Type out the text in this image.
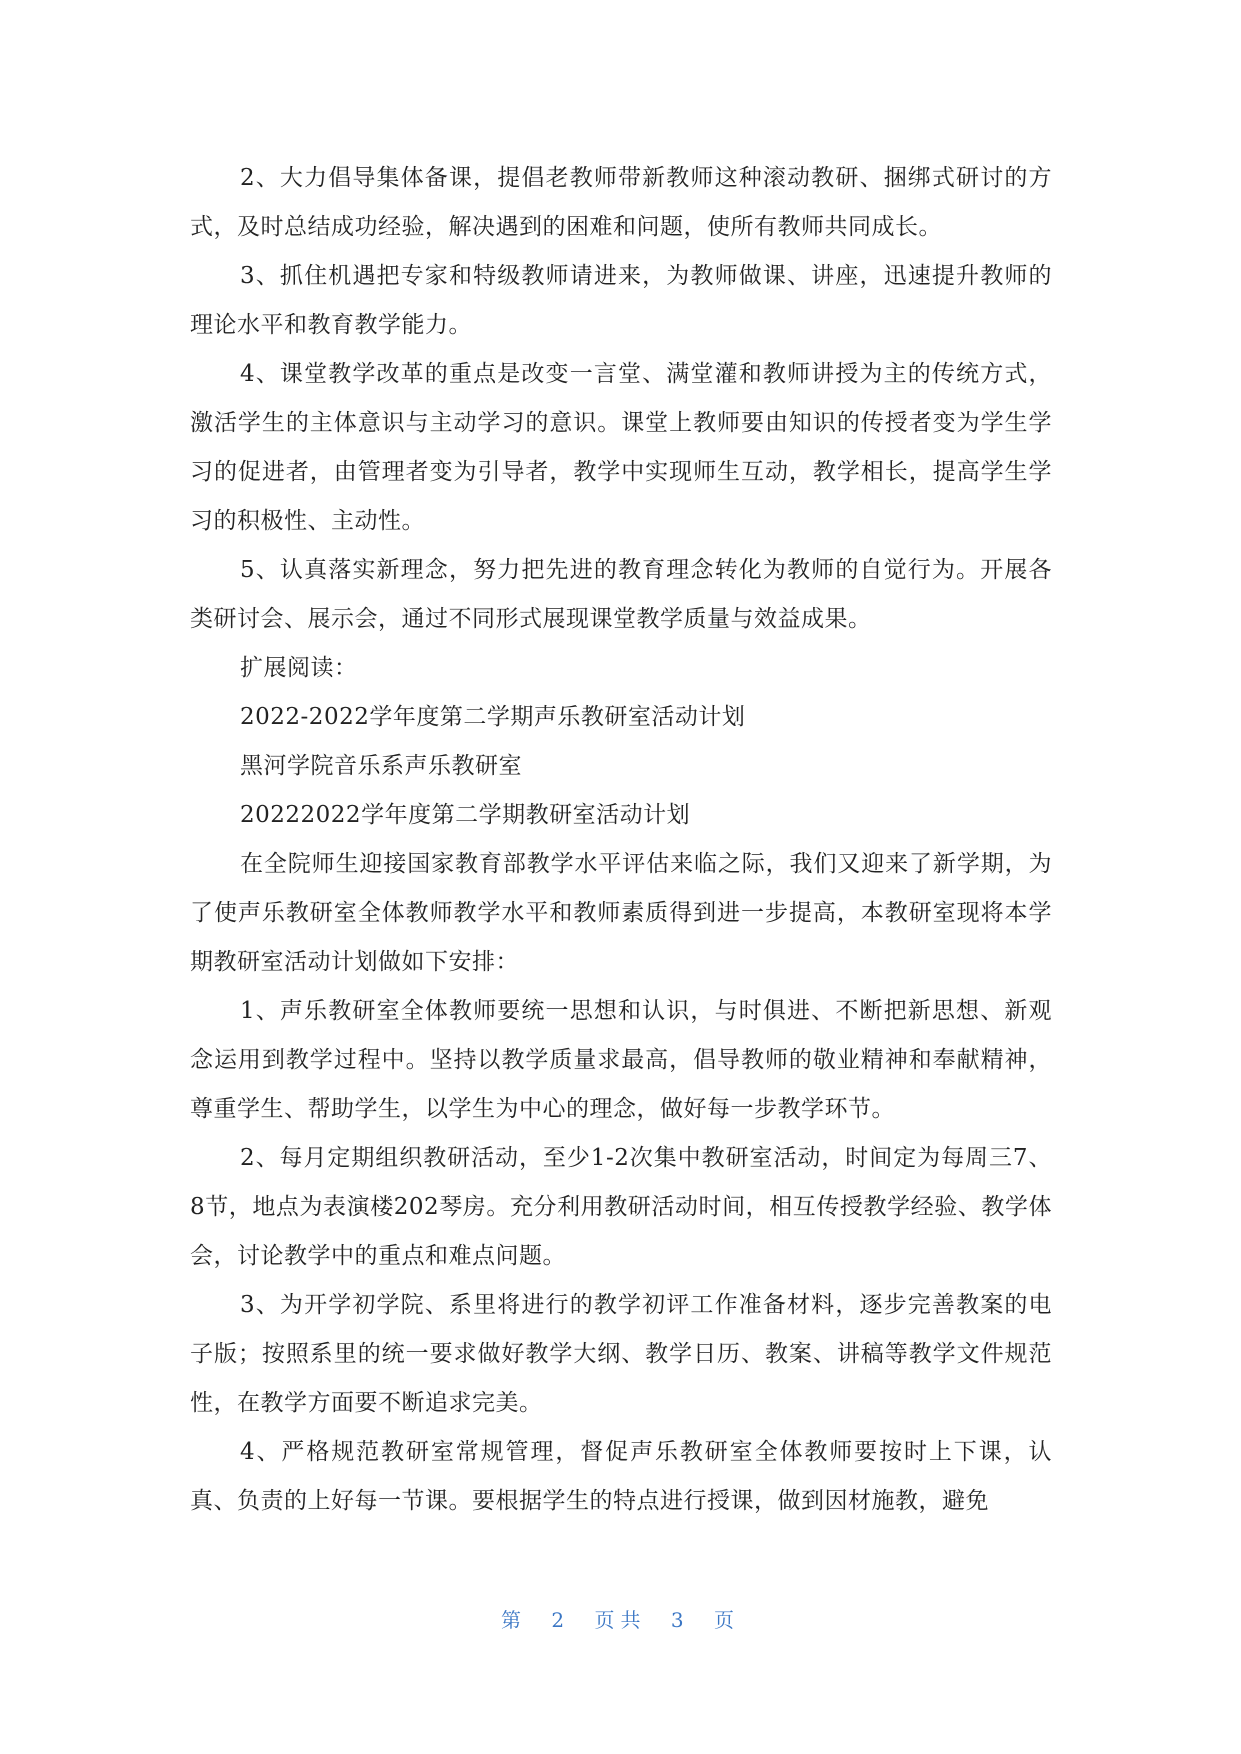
2、大力倡导集体备课，提倡老教师带新教师这种滚动教研、捆绑式研讨的方式，及时总结成功经验，解决遇到的困难和问题，使所有教师共同成长。

3、抓住机遇把专家和特级教师请进来，为教师做课、讲座，迅速提升教师的理论水平和教育教学能力。

4、课堂教学改革的重点是改变一言堂、满堂灌和教师讲授为主的传统方式，激活学生的主体意识与主动学习的意识。课堂上教师要由知识的传授者变为学生学习的促进者，由管理者变为引导者，教学中实现师生互动，教学相长，提高学生学习的积极性、主动性。

5、认真落实新理念，努力把先进的教育理念转化为教师的自觉行为。开展各类研讨会、展示会，通过不同形式展现课堂教学质量与效益成果。

扩展阅读：

2022-2022学年度第二学期声乐教研室活动计划

黑河学院音乐系声乐教研室

20222022学年度第二学期教研室活动计划

在全院师生迎接国家教育部教学水平评估来临之际，我们又迎来了新学期，为了使声乐教研室全体教师教学水平和教师素质得到进一步提高，本教研室现将本学期教研室活动计划做如下安排：

1、声乐教研室全体教师要统一思想和认识，与时俱进、不断把新思想、新观念运用到教学过程中。坚持以教学质量求最高，倡导教师的敬业精神和奉献精神，尊重学生、帮助学生，以学生为中心的理念，做好每一步教学环节。

2、每月定期组织教研活动，至少1-2次集中教研室活动，时间定为每周三7、8节，地点为表演楼202琴房。充分利用教研活动时间，相互传授教学经验、教学体会，讨论教学中的重点和难点问题。

3、为开学初学院、系里将进行的教学初评工作准备材料，逐步完善教案的电子版；按照系里的统一要求做好教学大纲、教学日历、教案、讲稿等教学文件规范性，在教学方面要不断追求完美。

4、严格规范教研室常规管理，督促声乐教研室全体教师要按时上下课，认真、负责的上好每一节课。要根据学生的特点进行授课，做到因材施教，避免

第 2 页共 3 页
